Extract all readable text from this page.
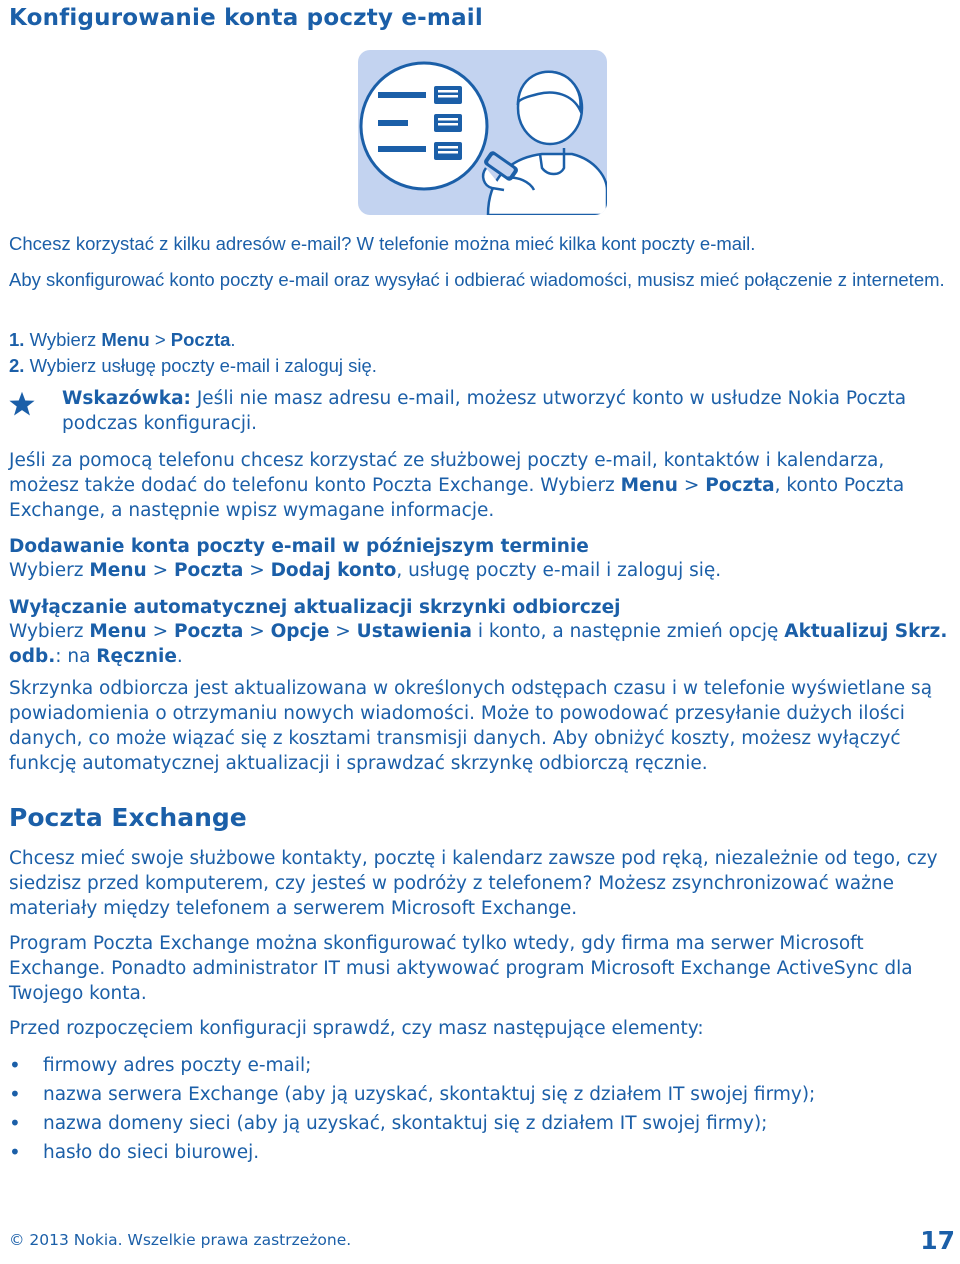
Konfigurowanie konta poczty e-mail

Chcesz korzystać z kilku adresów e-mail? W telefonie można mieć kilka kont poczty e-mail.

Aby skonfigurować konto poczty e-mail oraz wysyłać i odbierać wiadomości, musisz mieć połączenie z internetem.

1. Wybierz Menu > Poczta.

2. Wybierz usługę poczty e-mail i zaloguj się.

Wskazówka: Jeśli nie masz adresu e-mail, możesz utworzyć konto w usłudze Nokia Poczta podczas konfiguracji.

Jeśli za pomocą telefonu chcesz korzystać ze służbowej poczty e-mail, kontaktów i kalendarza, możesz także dodać do telefonu konto Poczta Exchange. Wybierz Menu > Poczta, konto Poczta Exchange, a następnie wpisz wymagane informacje.

Dodawanie konta poczty e-mail w późniejszym terminie

Wybierz Menu > Poczta > Dodaj konto, usługę poczty e-mail i zaloguj się.

Wyłączanie automatycznej aktualizacji skrzynki odbiorczej

Wybierz Menu > Poczta > Opcje > Ustawienia i konto, a następnie zmień opcję Aktualizuj Skrz. odb.: na Ręcznie.

Skrzynka odbiorcza jest aktualizowana w określonych odstępach czasu i w telefonie wyświetlane są powiadomienia o otrzymaniu nowych wiadomości. Może to powodować przesyłanie dużych ilości danych, co może wiązać się z kosztami transmisji danych. Aby obniżyć koszty, możesz wyłączyć funkcję automatycznej aktualizacji i sprawdzać skrzynkę odbiorczą ręcznie.

Poczta Exchange

Chcesz mieć swoje służbowe kontakty, pocztę i kalendarz zawsze pod ręką, niezależnie od tego, czy siedzisz przed komputerem, czy jesteś w podróży z telefonem? Możesz zsynchronizować ważne materiały między telefonem a serwerem Microsoft Exchange.

Program Poczta Exchange można skonfigurować tylko wtedy, gdy firma ma serwer Microsoft Exchange. Ponadto administrator IT musi aktywować program Microsoft Exchange ActiveSync dla Twojego konta.

Przed rozpoczęciem konfiguracji sprawdź, czy masz następujące elementy:

• firmowy adres poczty e-mail;
• nazwa serwera Exchange (aby ją uzyskać, skontaktuj się z działem IT swojej firmy);
• nazwa domeny sieci (aby ją uzyskać, skontaktuj się z działem IT swojej firmy);
• hasło do sieci biurowej.
© 2013 Nokia. Wszelkie prawa zastrzeżone.	17
